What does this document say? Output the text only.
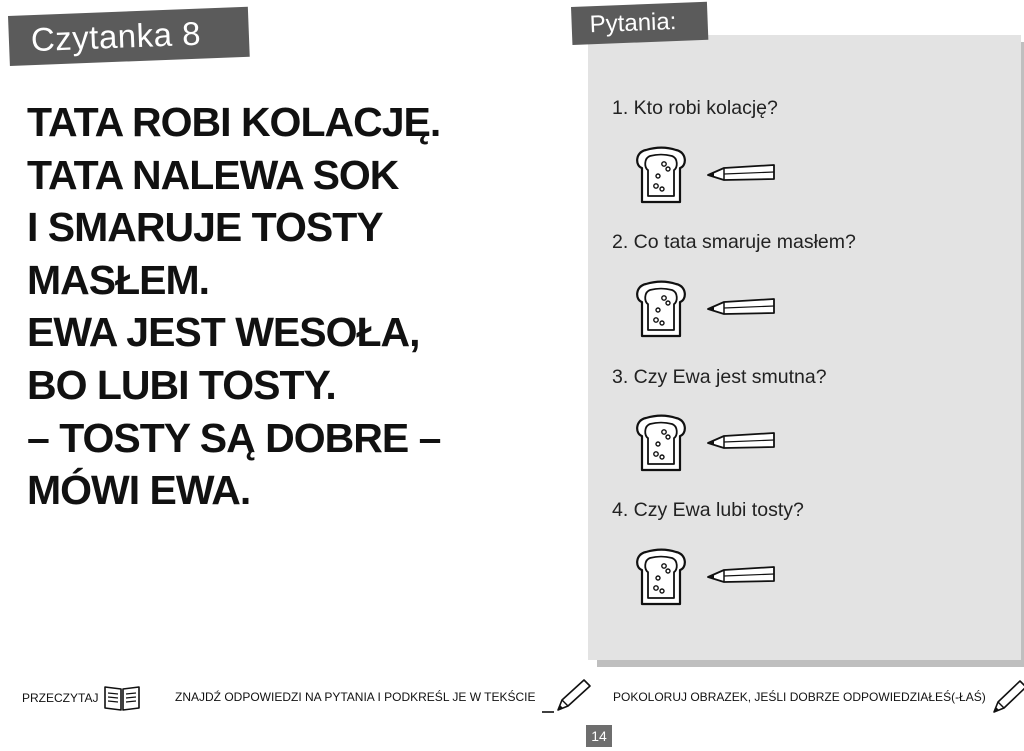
Czytanka 8
TATA ROBI KOLACJĘ.
TATA NALEWA SOK
I SMARUJE TOSTY
MASŁEM.
EWA JEST WESOŁA,
BO LUBI TOSTY.
– TOSTY SĄ DOBRE –
MÓWI EWA.
Pytania:
1. Kto robi kolację?
2. Co tata smaruje masłem?
3. Czy Ewa jest smutna?
4. Czy Ewa lubi tosty?
PRZECZYTAJ	ZNAJDŹ ODPOWIEDZI NA PYTANIA I PODKREŚL JE W TEKŚCIE	POKOLORUJ OBRAZEK, JEŚLI DOBRZE ODPOWIEDZIAŁEŚ(-ŁAŚ)
14
